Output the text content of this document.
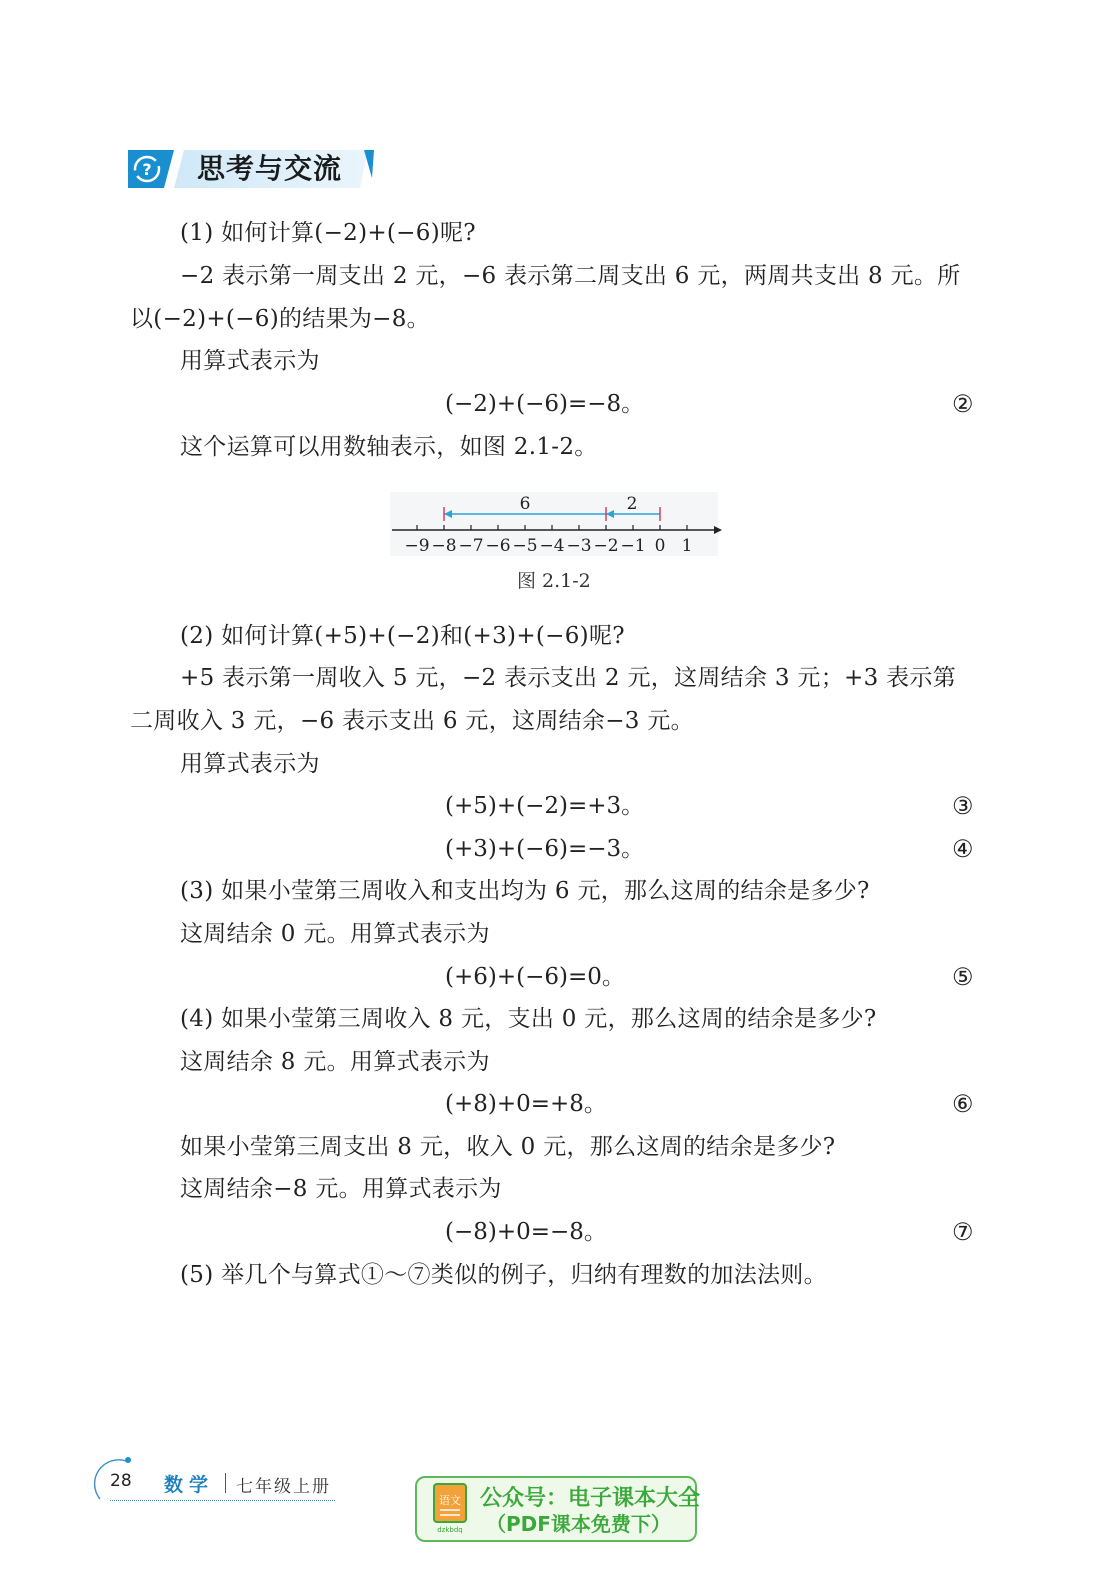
? 思考与交流
(1) 如何计算(−2)+(−6)呢?
−2 表示第一周支出 2 元，−6 表示第二周支出 6 元，两周共支出 8 元。所
以(−2)+(−6)的结果为−8。
用算式表示为
(−2)+(−6)=−8。	②
这个运算可以用数轴表示，如图 2.1-2。
−9 −8 −7 −6 −5 −4 −3 −2 −1 0 1
6	2
图 2.1-2
(2) 如何计算(+5)+(−2)和(+3)+(−6)呢?
+5 表示第一周收入 5 元，−2 表示支出 2 元，这周结余 3 元；+3 表示第
二周收入 3 元，−6 表示支出 6 元，这周结余−3 元。
用算式表示为
(+5)+(−2)=+3。	③
(+3)+(−6)=−3。	④
(3) 如果小莹第三周收入和支出均为 6 元，那么这周的结余是多少?
这周结余 0 元。用算式表示为
(+6)+(−6)=0。	⑤
(4) 如果小莹第三周收入 8 元，支出 0 元，那么这周的结余是多少?
这周结余 8 元。用算式表示为
(+8)+0=+8。	⑥
如果小莹第三周支出 8 元，收入 0 元，那么这周的结余是多少?
这周结余−8 元。用算式表示为
(−8)+0=−8。	⑦
(5) 举几个与算式①～⑦类似的例子，归纳有理数的加法法则。
28 数学 七年级上册
语文
dzkbdq
公众号：电子课本大全
（PDF课本免费下）
